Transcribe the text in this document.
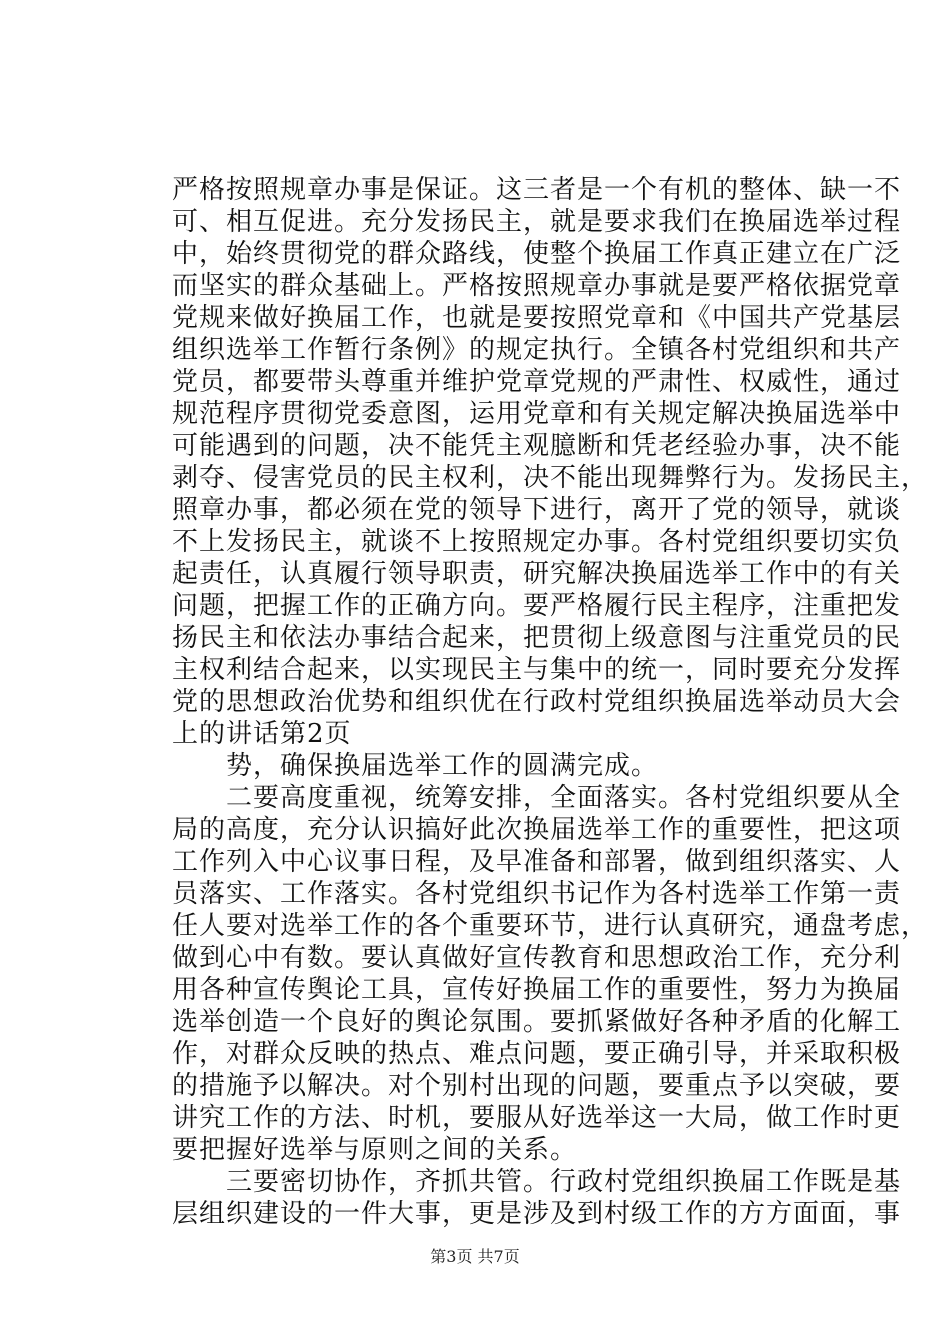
严格按照规章办事是保证。这三者是一个有机的整体、缺一不
可、相互促进。充分发扬民主，就是要求我们在换届选举过程
中，始终贯彻党的群众路线，使整个换届工作真正建立在广泛
而坚实的群众基础上。严格按照规章办事就是要严格依据党章
党规来做好换届工作，也就是要按照党章和《中国共产党基层
组织选举工作暂行条例》的规定执行。全镇各村党组织和共产
党员，都要带头尊重并维护党章党规的严肃性、权威性，通过
规范程序贯彻党委意图，运用党章和有关规定解决换届选举中
可能遇到的问题，决不能凭主观臆断和凭老经验办事，决不能
剥夺、侵害党员的民主权利，决不能出现舞弊行为。发扬民主，
照章办事，都必须在党的领导下进行，离开了党的领导，就谈
不上发扬民主，就谈不上按照规定办事。各村党组织要切实负
起责任，认真履行领导职责，研究解决换届选举工作中的有关
问题，把握工作的正确方向。要严格履行民主程序，注重把发
扬民主和依法办事结合起来，把贯彻上级意图与注重党员的民
主权利结合起来，以实现民主与集中的统一，同时要充分发挥
党的思想政治优势和组织优在行政村党组织换届选举动员大会
上的讲话第2页
　　势，确保换届选举工作的圆满完成。
　　二要高度重视，统筹安排，全面落实。各村党组织要从全
局的高度，充分认识搞好此次换届选举工作的重要性，把这项
工作列入中心议事日程，及早准备和部署，做到组织落实、人
员落实、工作落实。各村党组织书记作为各村选举工作第一责
任人要对选举工作的各个重要环节，进行认真研究，通盘考虑，
做到心中有数。要认真做好宣传教育和思想政治工作，充分利
用各种宣传舆论工具，宣传好换届工作的重要性，努力为换届
选举创造一个良好的舆论氛围。要抓紧做好各种矛盾的化解工
作，对群众反映的热点、难点问题，要正确引导，并采取积极
的措施予以解决。对个别村出现的问题，要重点予以突破，要
讲究工作的方法、时机，要服从好选举这一大局，做工作时更
要把握好选举与原则之间的关系。
　　三要密切协作，齐抓共管。行政村党组织换届工作既是基
层组织建设的一件大事，更是涉及到村级工作的方方面面，事
第3页 共7页
